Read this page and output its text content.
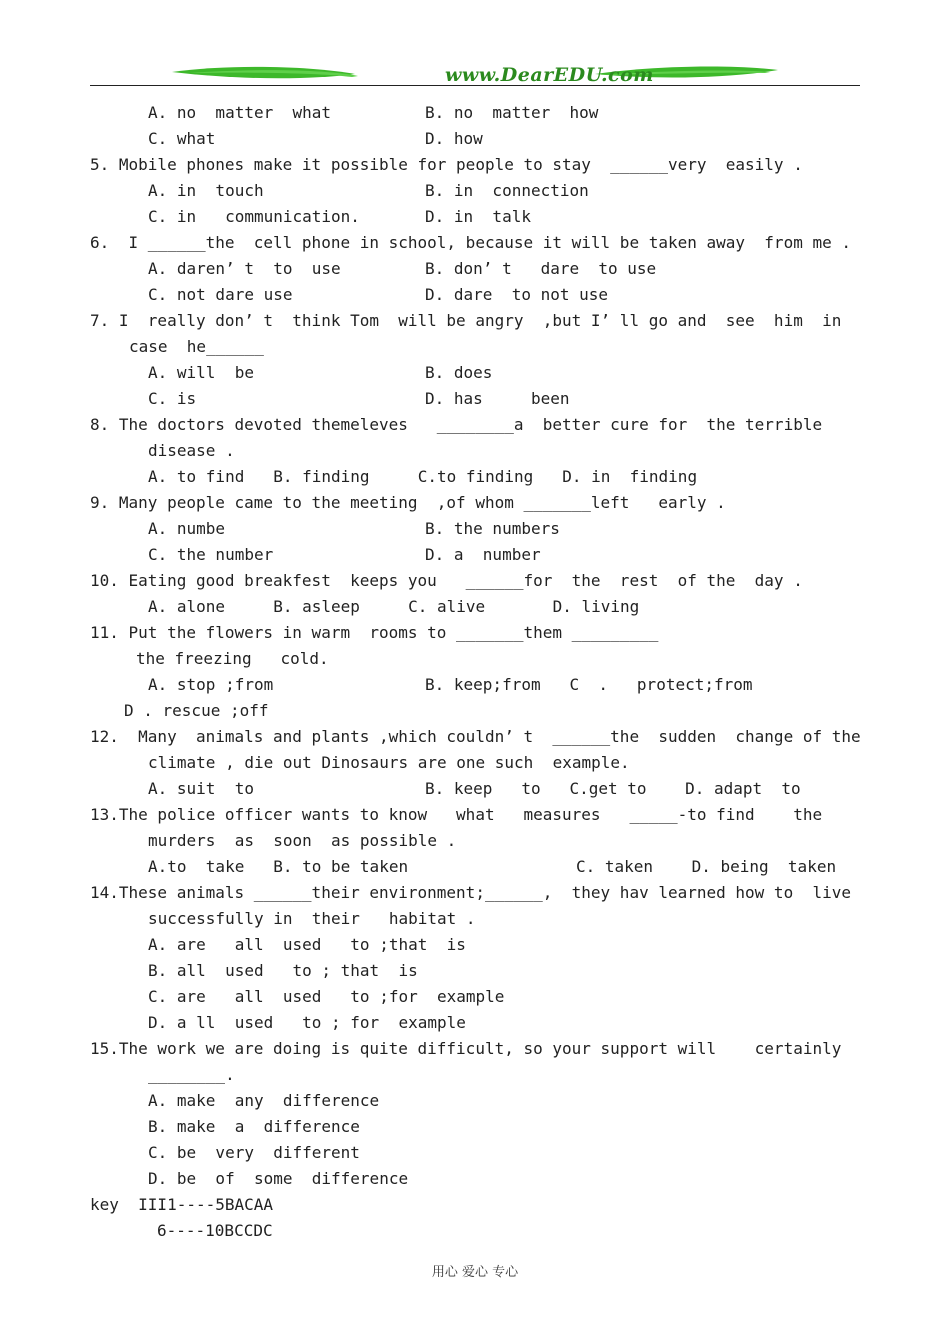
www.DearEDU.com
A. no  matter  what	B. no  matter  how
C. what	D. how
5. Mobile phones make it possible for people to stay  ______very  easily .
A. in  touch	B. in  connection
C. in   communication.	D. in  talk
6.  I ______the  cell phone in school, because it will be taken away  from me .
A. daren’ t  to  use	B. don’ t   dare  to use
C. not dare use	D. dare  to not use
7. I  really don’ t  think Tom  will be angry  ,but I’ ll go and  see  him  in
case  he______
A. will  be	B. does
C. is	D. has     been
8. The doctors devoted themeleves   ________a  better cure for  the terrible
disease .
A. to find   B. finding     C.to finding   D. in  finding
9. Many people came to the meeting  ,of whom _______left   early .
A. numbe	B. the numbers
C. the number	D. a  number
10. Eating good breakfest  keeps you   ______for  the  rest  of the  day .
A. alone     B. asleep     C. alive       D. living
11. Put the flowers in warm  rooms to _______them _________
the freezing   cold.
A. stop ;from	B. keep;from   C  .   protect;from
D . rescue ;off
12.  Many  animals and plants ,which couldn’ t  ______the  sudden  change of the
climate , die out Dinosaurs are one such  example.
A. suit  to	B. keep   to   C.get to    D. adapt  to
13.The police officer wants to know   what   measures   _____-to find    the
murders  as  soon  as possible .
A.to  take   B. to be taken	C. taken    D. being  taken
14.These animals ______their environment;______,  they hav learned how to  live
successfully in  their   habitat .
A. are   all  used   to ;that  is
B. all  used   to ; that  is
C. are   all  used   to ;for  example
D. a ll  used   to ; for  example
15.The work we are doing is quite difficult, so your support will    certainly
________.
A. make  any  difference
B. make  a  difference
C. be  very  different
D. be  of  some  difference
key  III1----5BACAA
6----10BCCDC
用心 爱心 专心
